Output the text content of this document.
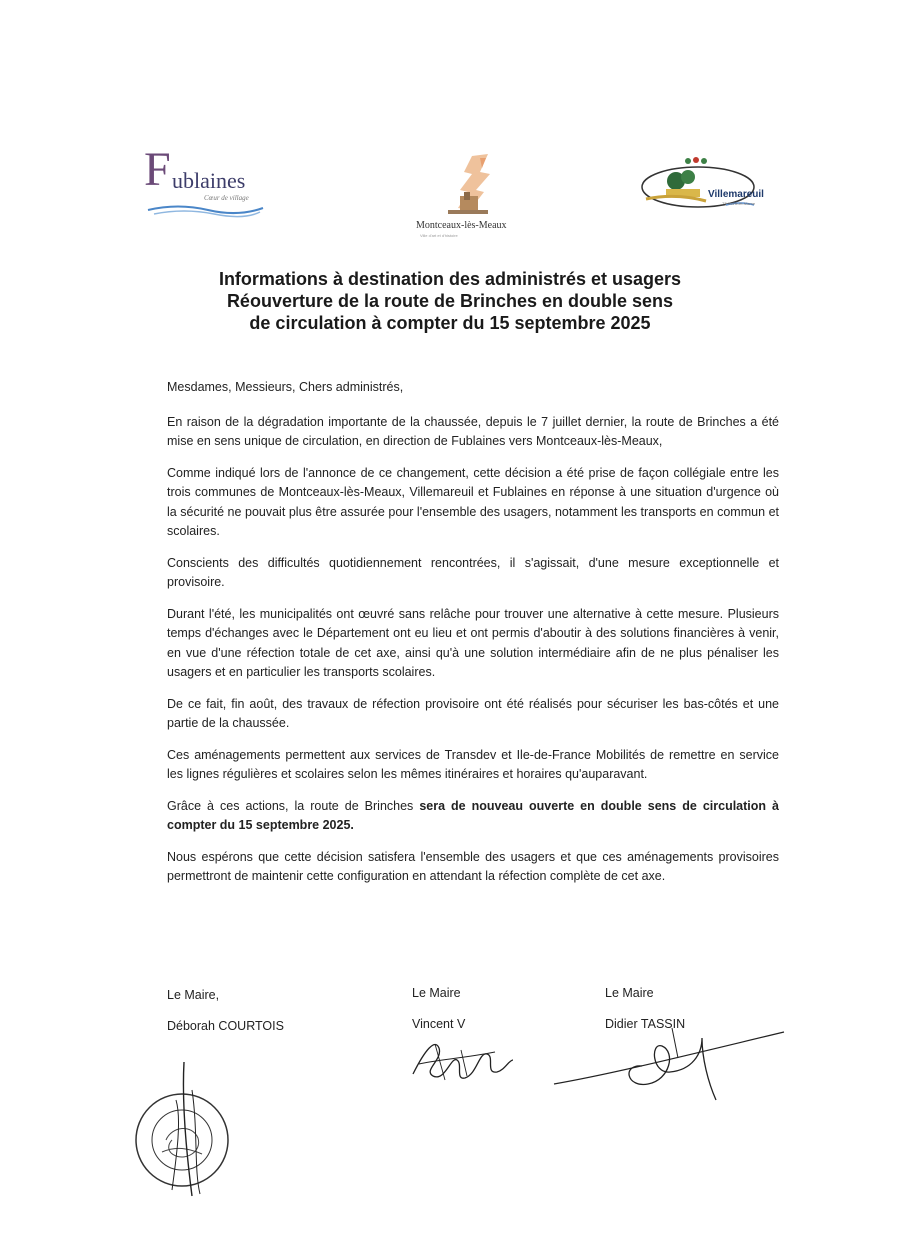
F ublaines
Cœur de village
Montceaux-lès-Meaux
Ville d'art et d'histoire
Villemareuil
77 Seine-et-Marne
Informations à destination des administrés et usagers
Réouverture de la route de Brinches en double sens
de circulation à compter du 15 septembre 2025

Mesdames, Messieurs, Chers administrés,

En raison de la dégradation importante de la chaussée, depuis le 7 juillet dernier, la route de Brinches a été mise en sens unique de circulation, en direction de Fublaines vers Montceaux-lès-Meaux,

Comme indiqué lors de l'annonce de ce changement, cette décision a été prise de façon collégiale entre les trois communes de Montceaux-lès-Meaux, Villemareuil et Fublaines en réponse à une situation d'urgence où la sécurité ne pouvait plus être assurée pour l'ensemble des usagers, notamment les transports en commun et scolaires.

Conscients des difficultés quotidiennement rencontrées, il s'agissait, d'une mesure exceptionnelle et provisoire.

Durant l'été, les municipalités ont œuvré sans relâche pour trouver une alternative à cette mesure. Plusieurs temps d'échanges avec le Département ont eu lieu et ont permis d'aboutir à des solutions financières à venir, en vue d'une réfection totale de cet axe, ainsi qu'à une solution intermédiaire afin de ne plus pénaliser les usagers et en particulier les transports scolaires.

De ce fait, fin août, des travaux de réfection provisoire ont été réalisés pour sécuriser les bas-côtés et une partie de la chaussée.

Ces aménagements permettent aux services de Transdev et Ile-de-France Mobilités de remettre en service les lignes régulières et scolaires selon les mêmes itinéraires et horaires qu'auparavant.

Grâce à ces actions, la route de Brinches sera de nouveau ouverte en double sens de circulation à compter du 15 septembre 2025.

Nous espérons que cette décision satisfera l'ensemble des usagers et que ces aménagements provisoires permettront de maintenir cette configuration en attendant la réfection complète de cet axe.

Le Maire,
Déborah COURTOIS
Le Maire
Vincent V
Le Maire
Didier TASSIN
